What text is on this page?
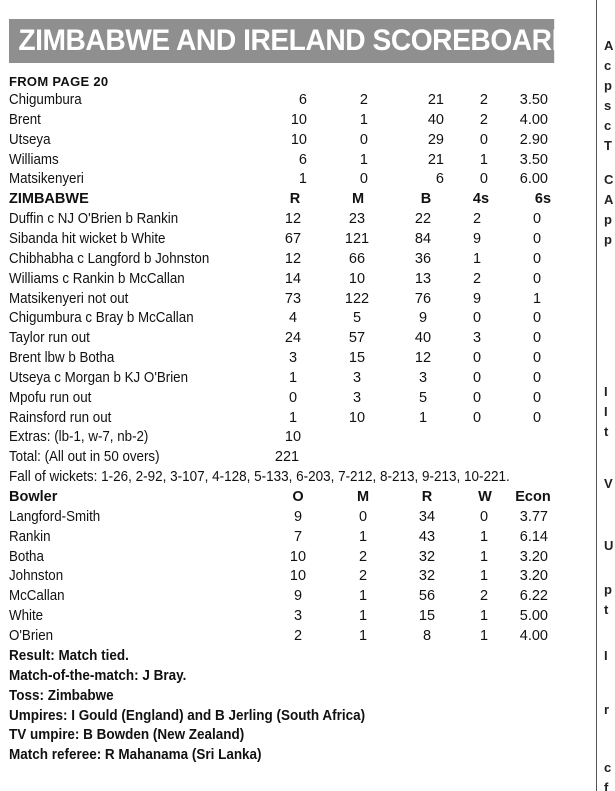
ZIMBABWE AND IRELAND SCOREBOARD	A
c
p
s
c
T
C
A
p
p
I
I
t
V
U
p
t
I
r
c
f
FROM PAGE 20
Chigumbura	6	2	21	2	3.50
Brent	10	1	40	2	4.00
Utseya	10	0	29	0	2.90
Williams	6	1	21	1	3.50
Matsikenyeri	1	0	6	0	6.00
ZIMBABWE	R	M	B	4s	6s
Duffin c NJ O'Brien b Rankin	12	23	22	2	0
Sibanda hit wicket b White	67	121	84	9	0
Chibhabha c Langford b Johnston	12	66	36	1	0
Williams c Rankin b McCallan	14	10	13	2	0
Matsikenyeri not out	73	122	76	9	1
Chigumbura c Bray b McCallan	4	5	9	0	0
Taylor run out	24	57	40	3	0
Brent lbw b Botha	3	15	12	0	0
Utseya c Morgan b KJ O'Brien	1	3	3	0	0
Mpofu run out	0	3	5	0	0
Rainsford run out	1	10	1	0	0
Extras: (lb-1, w-7, nb-2)	10
Total: (All out in 50 overs)	221
Fall of wickets: 1-26, 2-92, 3-107, 4-128, 5-133, 6-203, 7-212, 8-213, 9-213, 10-221.
Bowler	O	M	R	W	Econ
Langford-Smith	9	0	34	0	3.77
Rankin	7	1	43	1	6.14
Botha	10	2	32	1	3.20
Johnston	10	2	32	1	3.20
McCallan	9	1	56	2	6.22
White	3	1	15	1	5.00
O'Brien	2	1	8	1	4.00
Result: Match tied.
Match-of-the-match: J Bray.
Toss: Zimbabwe
Umpires: I Gould (England) and B Jerling (South Africa)
TV umpire: B Bowden (New Zealand)
Match referee: R Mahanama (Sri Lanka)
